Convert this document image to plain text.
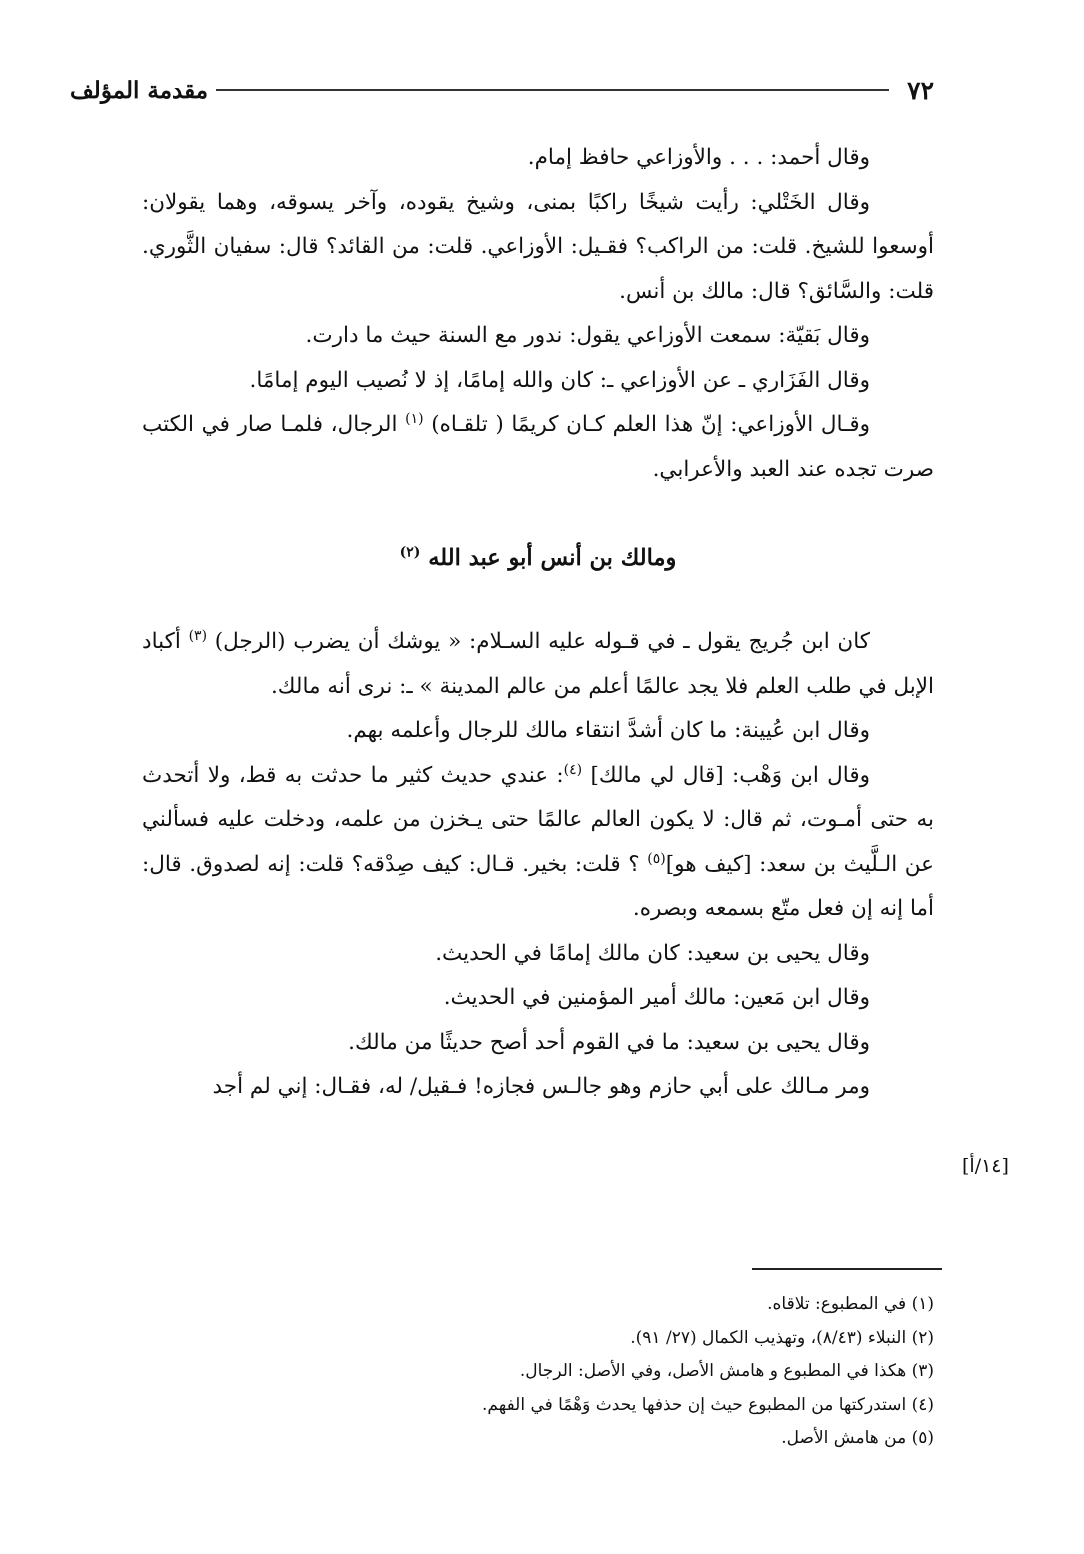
٧٢
مقدمة المؤلف

وقال أحمد: . . . والأوزاعي حافظ إمام.

وقال الخَتْلي: رأيت شيخًا راكبًا بمنى، وشيخ يقوده، وآخر يسوقه، وهما يقولان: أوسعوا للشيخ. قلت: من الراكب؟ فقـيل: الأوزاعي. قلت: من القائد؟ قال: سفيان الثَّوري. قلت: والسَّائق؟ قال: مالك بن أنس.

وقال بَقيّة: سمعت الأوزاعي يقول: ندور مع السنة حيث ما دارت.

وقال الفَزَاري ـ عن الأوزاعي ـ: كان والله إمامًا، إذ لا نُصيب اليوم إمامًا.

وقـال الأوزاعي: إنّ هذا العلم كـان كريمًا ( تلقـاه) $^{(١)}$ الرجال، فلمـا صار في الكتب صرت تجده عند العبد والأعرابي.

ومالك بن أنس أبو عبد الله $^{(٢)}$

كان ابن جُريج يقول ـ في قـوله عليه السـلام: « يوشك أن يضرب (الرجل) $^{(٣)}$ أكباد الإبل في طلب العلم فلا يجد عالمًا أعلم من عالم المدينة » ـ: نرى أنه مالك.

وقال ابن عُيينة: ما كان أشدَّ انتقاء مالك للرجال وأعلمه بهم.

وقال ابن وَهْب: [قال لي مالك] $^{(٤)}$: عندي حديث كثير ما حدثت به قط، ولا أتحدث به حتى أمـوت، ثم قال: لا يكون العالم عالمًا حتى يـخزن من علمه، ودخلت عليه فسألني عن الـلَّيث بن سعد: [كيف هو]$^{(٥)}$ ؟ قلت: بخير. قـال: كيف صِدْقه؟ قلت: إنه لصدوق. قال: أما إنه إن فعل متّع بسمعه وبصره.

وقال يحيى بن سعيد: كان مالك إمامًا في الحديث.

وقال ابن مَعين: مالك أمير المؤمنين في الحديث.

وقال يحيى بن سعيد: ما في القوم أحد أصح حديثًا من مالك.

ومر مـالك على أبي حازم وهو جالـس فجازه! فـقيل/ له، فقـال: إني لم أجد

[١٤/أ]
(١) في المطبوع: تلاقاه.
(٢) النبلاء (٨/٤٣)، وتهذيب الكمال (٢٧/ ٩١).
(٣) هكذا في المطبوع و هامش الأصل، وفي الأصل: الرجال.
(٤) استدركتها من المطبوع حيث إن حذفها يحدث وَهْمًا في الفهم.
(٥) من هامش الأصل.
